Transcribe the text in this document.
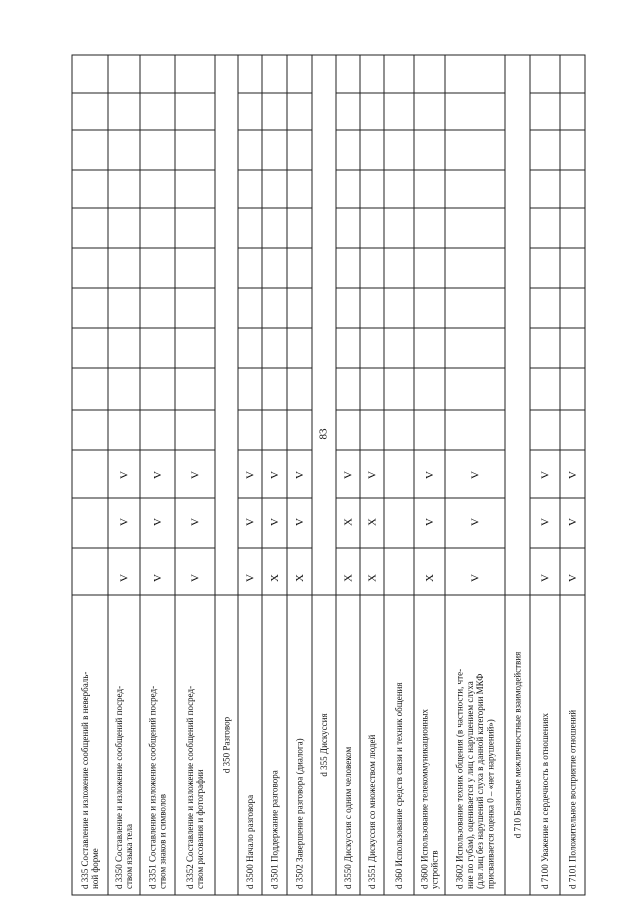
d 335 Составление и изложение сообщений в невербаль-ной форме d 3350 Составление и изложение сообщений посред-ством языка тела
V
V
V
d 3351 Составление и изложение сообщений посред-ством знаков и символов
V
V
V
d 3352 Составление и изложение сообщений посред-ством рисования и фотографии
V
V
V
d 350 Разговор
d 3500 Начало разговора
V
V
V
d 3501 Поддержание разговора
X
V
V
d 3502 Завершение разговора (диалога)
X
V
V
d 355 Дискуссия
d 3550 Дискуссия с одним человеком
X
X
V
d 3551 Дискуссия со множеством людей
X
X
V
d 360 Использование средств связи и техник общения d 3600 Использование телекоммуникационныхустройств
X
V
V
d 3602 Использование техник общения (в частности, чте-ние по губам), оценивается у лиц с нарушением слуха(для лиц без нарушений слуха в данной категории МКФприсваивается оценка 0 – «нет нарушений»)
V
V
V
d 710 Базисные межличностные взаимодействия d 7100 Уважение и сердечность в отношениях
V
V
V
d 7101 Положительное восприятие отношений
V
V
V
83
